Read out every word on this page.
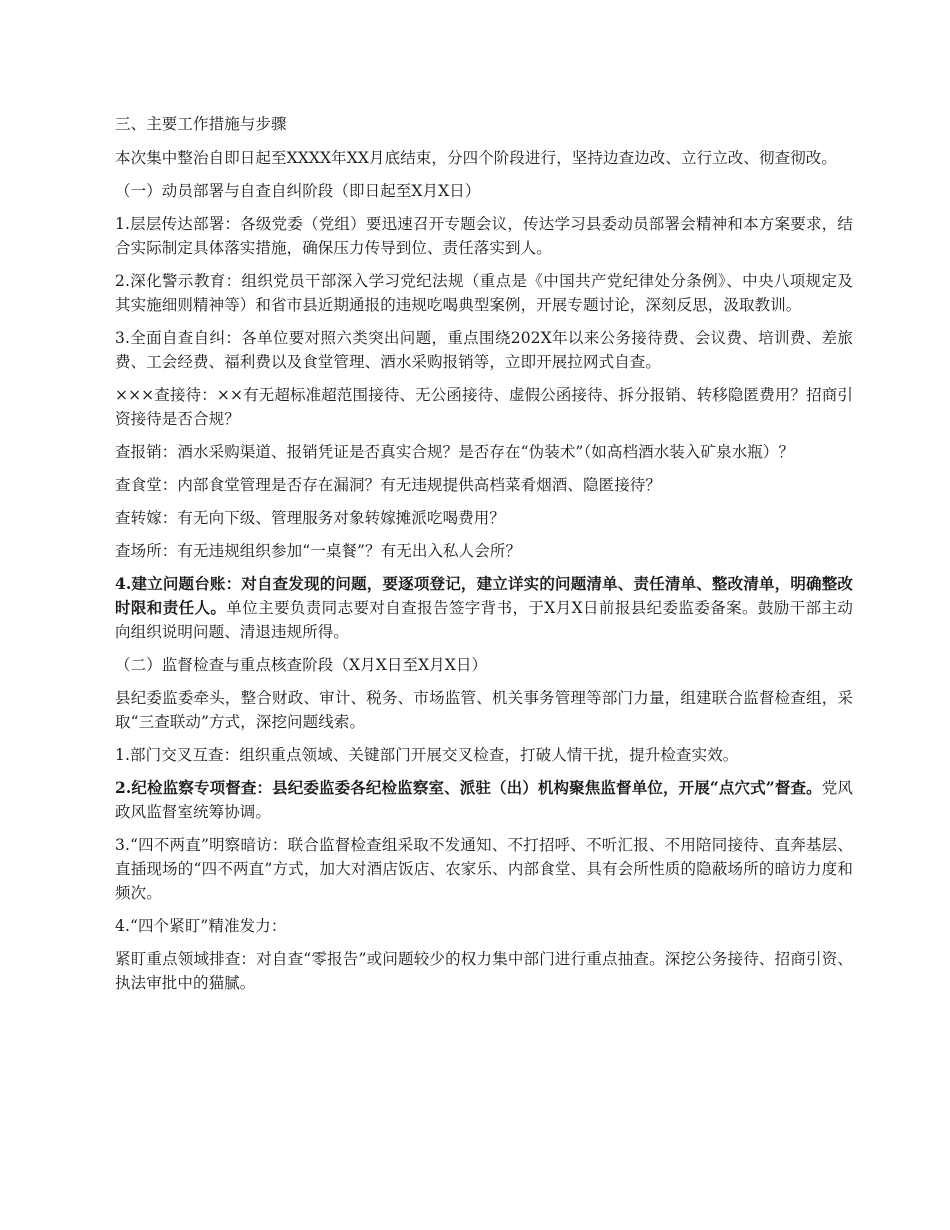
三、主要工作措施与步骤

本次集中整治自即日起至XXXX年XX月底结束，分四个阶段进行，坚持边查边改、立行立改、彻查彻改。

（一）动员部署与自查自纠阶段（即日起至X月X日）

1.层层传达部署：各级党委（党组）要迅速召开专题会议，传达学习县委动员部署会精神和本方案要求，结合实际制定具体落实措施，确保压力传导到位、责任落实到人。

2.深化警示教育：组织党员干部深入学习党纪法规（重点是《中国共产党纪律处分条例》、中央八项规定及其实施细则精神等）和省市县近期通报的违规吃喝典型案例，开展专题讨论，深刻反思，汲取教训。

3.全面自查自纠：各单位要对照六类突出问题，重点围绕202X年以来公务接待费、会议费、培训费、差旅费、工会经费、福利费以及食堂管理、酒水采购报销等，立即开展拉网式自查。

×××查接待：××有无超标准超范围接待、无公函接待、虚假公函接待、拆分报销、转移隐匿费用？招商引资接待是否合规？

查报销：酒水采购渠道、报销凭证是否真实合规？是否存在“伪装术”（如高档酒水装入矿泉水瓶）？

查食堂：内部食堂管理是否存在漏洞？有无违规提供高档菜肴烟酒、隐匿接待？

查转嫁：有无向下级、管理服务对象转嫁摊派吃喝费用？

查场所：有无违规组织参加“一桌餐”？有无出入私人会所？

4.建立问题台账：对自查发现的问题，要逐项登记，建立详实的问题清单、责任清单、整改清单，明确整改时限和责任人。单位主要负责同志要对自查报告签字背书，于X月X日前报县纪委监委备案。鼓励干部主动向组织说明问题、清退违规所得。

（二）监督检查与重点核查阶段（X月X日至X月X日）

县纪委监委牵头，整合财政、审计、税务、市场监管、机关事务管理等部门力量，组建联合监督检查组，采取“三查联动”方式，深挖问题线索。

1.部门交叉互查：组织重点领域、关键部门开展交叉检查，打破人情干扰，提升检查实效。

2.纪检监察专项督查：县纪委监委各纪检监察室、派驻（出）机构聚焦监督单位，开展“点穴式”督查。党风政风监督室统筹协调。

3.“四不两直”明察暗访：联合监督检查组采取不发通知、不打招呼、不听汇报、不用陪同接待、直奔基层、直插现场的“四不两直”方式，加大对酒店饭店、农家乐、内部食堂、具有会所性质的隐蔽场所的暗访力度和频次。

4.“四个紧盯”精准发力：

紧盯重点领域排查：对自查“零报告”或问题较少的权力集中部门进行重点抽查。深挖公务接待、招商引资、执法审批中的猫腻。
